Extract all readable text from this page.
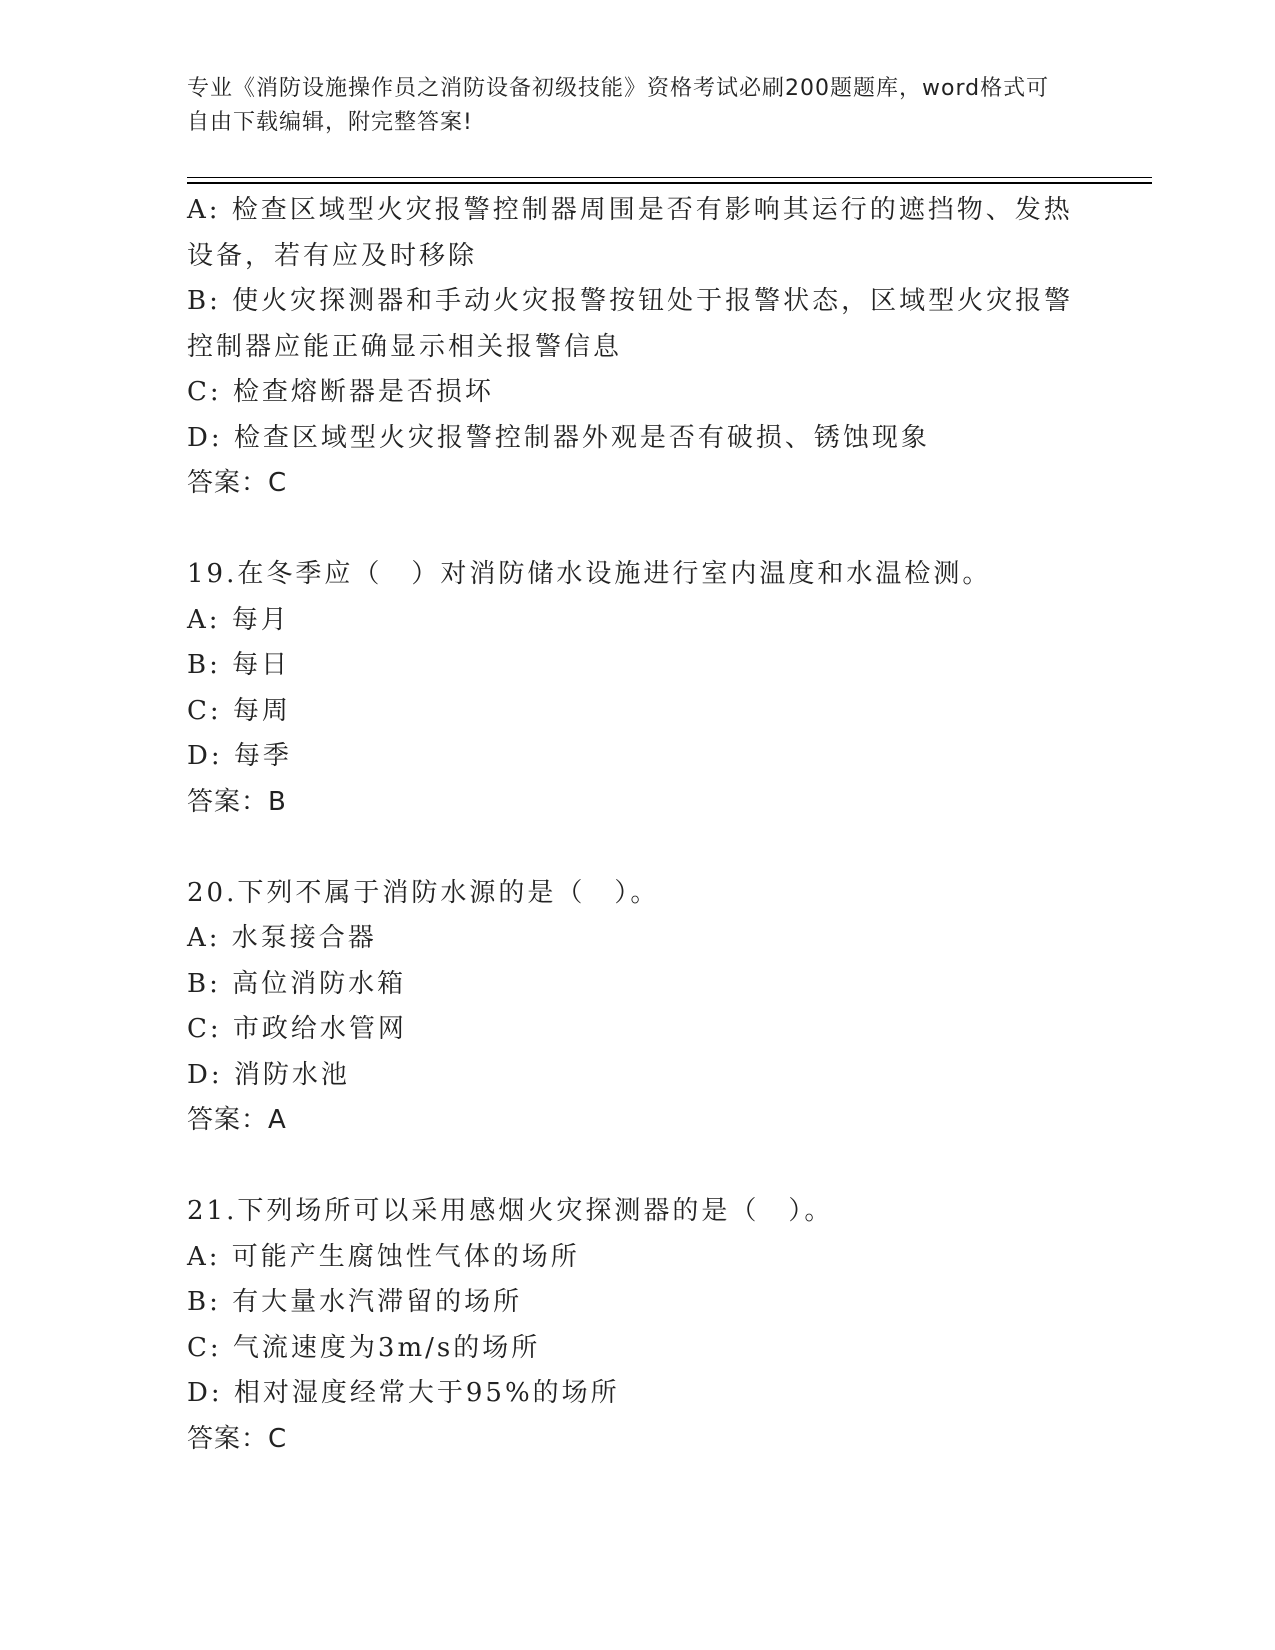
专业《消防设施操作员之消防设备初级技能》资格考试必刷200题题库，word格式可自由下载编辑，附完整答案!
A: 检查区域型火灾报警控制器周围是否有影响其运行的遮挡物、发热设备，若有应及时移除
B: 使火灾探测器和手动火灾报警按钮处于报警状态，区域型火灾报警控制器应能正确显示相关报警信息
C: 检查熔断器是否损坏
D: 检查区域型火灾报警控制器外观是否有破损、锈蚀现象
答案：C
19.在冬季应（　）对消防储水设施进行室内温度和水温检测。
A: 每月
B: 每日
C: 每周
D: 每季
答案：B
20.下列不属于消防水源的是（　）。
A: 水泵接合器
B: 高位消防水箱
C: 市政给水管网
D: 消防水池
答案：A
21.下列场所可以采用感烟火灾探测器的是（　）。
A: 可能产生腐蚀性气体的场所
B: 有大量水汽滞留的场所
C: 气流速度为3m/s的场所
D: 相对湿度经常大于95%的场所
答案：C
